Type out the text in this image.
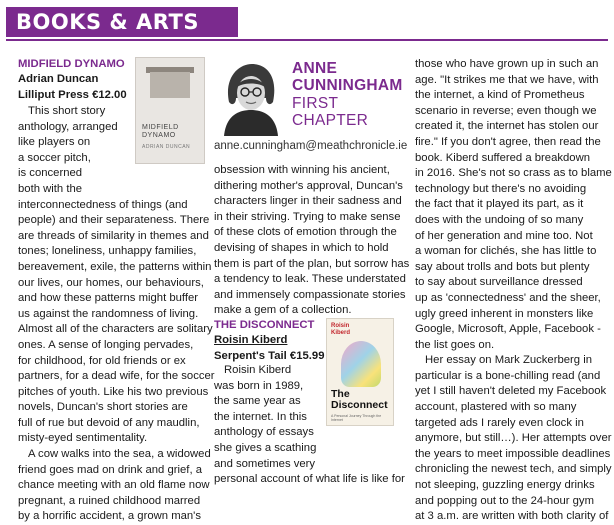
BOOKS & ARTS

MIDFIELD DYNAMO

Adrian Duncan

Lilliput Press €12.00

This short story

anthology, arranged

like players on

a soccer pitch,

is concerned

both with the

interconnectedness of things (and

people) and their separateness. There

are threads of similarity in themes and

tones; loneliness, unhappy families,

bereavement, exile, the patterns within

our lives, our homes, our behaviours,

and how these patterns might buffer

us against the randomness of living.

Almost all of the characters are solitary

ones. A sense of longing pervades,

for childhood, for old friends or ex

partners, for a dead wife, for the soccer

pitches of youth. Like his two previous

novels, Duncan's short stories are

full of rue but devoid of any maudlin,

misty-eyed sentimentality.

A cow walks into the sea, a widowed

friend goes mad on drink and grief, a

chance meeting with an old flame now

pregnant, a ruined childhood marred

by a horrific accident, a grown man's

MIDFIELD DYNAMO
ADRIAN DUNCAN
ANNE
CUNNINGHAM
FIRST CHAPTER
anne.cunningham@meathchronicle.ie

obsession with winning his ancient,

dithering mother's approval, Duncan's

characters linger in their sadness and

in their striving. Trying to make sense

of these clots of emotion through the

devising of shapes in which to hold

them is part of the plan, but sorrow has

a tendency to leak. These understated

and immensely compassionate stories

make a gem of a collection.

THE DISCONNECT

Roisin Kiberd

Serpent's Tail €15.99

Roisin Kiberd

was born in 1989,

the same year as

the internet. In this

anthology of essays

she gives a scathing

and sometimes very

personal account of what life is like for

Roisin Kiberd
The Disconnect
A Personal Journey Through the Internet

those who have grown up in such an

age. "It strikes me that we have, with

the internet, a kind of Prometheus

scenario in reverse; even though we

created it, the internet has stolen our

fire." If you don't agree, then read the

book. Kiberd suffered a breakdown

in 2016. She's not so crass as to blame

technology but there's no avoiding

the fact that it played its part, as it

does with the undoing of so many

of her generation and mine too. Not

a woman for clichés, she has little to

say about trolls and bots but plenty

to say about surveillance dressed

up as 'connectedness' and the sheer,

ugly greed inherent in monsters like

Google, Microsoft, Apple, Facebook -

the list goes on.

Her essay on Mark Zuckerberg in

particular is a bone-chilling read (and

yet I still haven't deleted my Facebook

account, plastered with so many

targeted ads I rarely even clock in

anymore, but still…). Her attempts over

the years to meet impossible deadlines

chronicling the newest tech, and simply

not sleeping, guzzling energy drinks

and popping out to the 24-hour gym

at 3 a.m. are written with both clarity of
